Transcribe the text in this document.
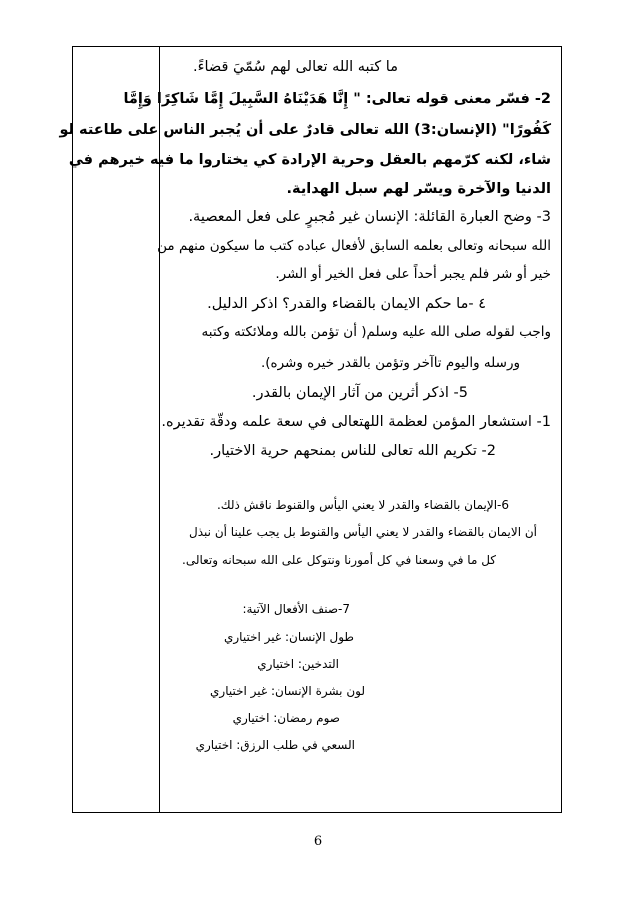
ما كتبه الله تعالى لهم سُمّيَ قضاءً.
2- فسّر معنى قوله تعالى: " إِنَّا هَدَيْنَاهُ السَّبِيلَ إِمَّا شَاكِرًا وَإِمَّا
كَفُورًا" (الإنسان:3) الله تعالى قادرٌ على أن يُجبر الناس على طاعته لو
شاء، لكنه كرّمهم بالعقل وحرية الإرادة كي يختاروا ما فيه خيرهم في
الدنيا والآخرة ويسّر لهم سبل الهداية.
3- وضح العبارة القائلة: الإنسان غير مُجبرٍ على فعل المعصية.
الله سبحانه وتعالى بعلمه السابق لأفعال عباده كتب ما سيكون منهم من
خير أو شر فلم يجبر أحداً على فعل الخير أو الشر.
٤ -ما حكم الايمان بالقضاء والقدر؟ اذكر الدليل.
واجب لقوله صلى الله عليه وسلم( أن تؤمن بالله وملائكته وكتبه
ورسله واليوم تاآخر وتؤمن بالقدر خيره وشره).
5- اذكر أثرين من آثار الإيمان بالقدر.
1- استشعار المؤمن لعظمة اللهتعالى في سعة علمه ودقّة تقديره.
2- تكريم الله تعالى للناس بمنحهم حرية الاختيار.
6-الإيمان بالقضاء والقدر لا يعني اليأس والقنوط ناقش ذلك.
أن الايمان بالقضاء والقدر لا يعني اليأس والقنوط بل يجب علينا أن نبذل
كل ما في وسعنا في كل أمورنا ونتوكل على الله سبحانه وتعالى.
7-صنف الأفعال الآتية:
طول الإنسان: غير اختياري
التدخين: اختياري
لون بشرة الإنسان: غير اختياري
صوم رمضان: اختياري
السعي في طلب الرزق: اختياري
6
